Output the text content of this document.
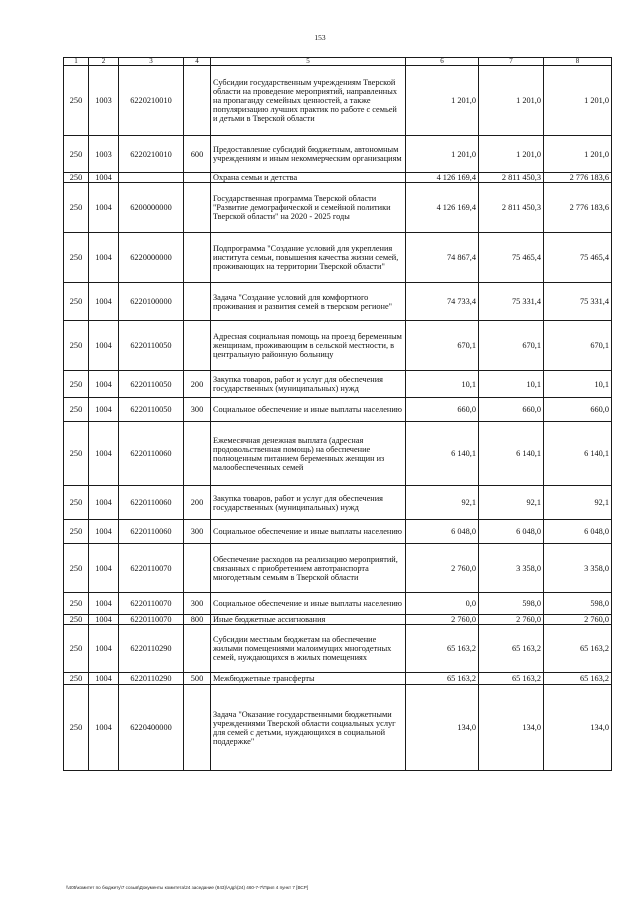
153
1	2	3	4	5	6	7	8
250	1003	6220210010		Субсидии государственным учреждениям Тверской области на проведение мероприятий, направленных на пропаганду семейных ценностей, а также популяризацию лучших практик по работе с семьей и детьми в Тверской области	1 201,0	1 201,0	1 201,0
250	1003	6220210010	600	Предоставление субсидий бюджетным, автономным учреждениям и иным некоммерческим организациям	1 201,0	1 201,0	1 201,0
250	1004			Охрана семьи и детства	4 126 169,4	2 811 450,3	2 776 183,6
250	1004	6200000000		Государственная программа Тверской области "Развитие демографической и семейной политики Тверской области" на 2020 - 2025 годы	4 126 169,4	2 811 450,3	2 776 183,6
250	1004	6220000000		Подпрограмма "Создание условий для укрепления института семьи, повышения качества жизни семей, проживающих на территории Тверской области"	74 867,4	75 465,4	75 465,4
250	1004	6220100000		Задача "Создание условий для комфортного проживания и развития семей в тверском регионе"	74 733,4	75 331,4	75 331,4
250	1004	6220110050		Адресная социальная помощь на проезд беременным женщинам, проживающим в сельской местности, в центральную районную больницу	670,1	670,1	670,1
250	1004	6220110050	200	Закупка товаров, работ и услуг для обеспечения государственных (муниципальных) нужд	10,1	10,1	10,1
250	1004	6220110050	300	Социальное обеспечение и иные выплаты населению	660,0	660,0	660,0
250	1004	6220110060		Ежемесячная денежная выплата (адресная продовольственная помощь) на обеспечение полноценным питанием беременных женщин из малообеспеченных семей	6 140,1	6 140,1	6 140,1
250	1004	6220110060	200	Закупка товаров, работ и услуг для обеспечения государственных (муниципальных) нужд	92,1	92,1	92,1
250	1004	6220110060	300	Социальное обеспечение и иные выплаты населению	6 048,0	6 048,0	6 048,0
250	1004	6220110070		Обеспечение расходов на реализацию мероприятий, связанных с приобретением автотранспорта многодетным семьям в Тверской области	2 760,0	3 358,0	3 358,0
250	1004	6220110070	300	Социальное обеспечение и иные выплаты населению	0,0	598,0	598,0
250	1004	6220110070	800	Иные бюджетные ассигнования	2 760,0	2 760,0	2 760,0
250	1004	6220110290		Субсидии местным бюджетам на обеспечение жилыми помещениями малоимущих многодетных семей, нуждающихся в жилых помещениях	65 163,2	65 163,2	65 163,2
250	1004	6220110290	500	Межбюджетные трансферты	65 163,2	65 163,2	65 163,2
250	1004	6220400000		Задача "Оказание государственными бюджетными учреждениями Тверской области социальных услуг для семей с детьми, нуждающихся в социальной поддержке"	134,0	134,0	134,0
\\405\комитет по бюджету\7 созыв\Документы комитета\24 заседание (843)\Адр\(24) 460-7-7\Прил 4 пункт 7 [ВСР]
